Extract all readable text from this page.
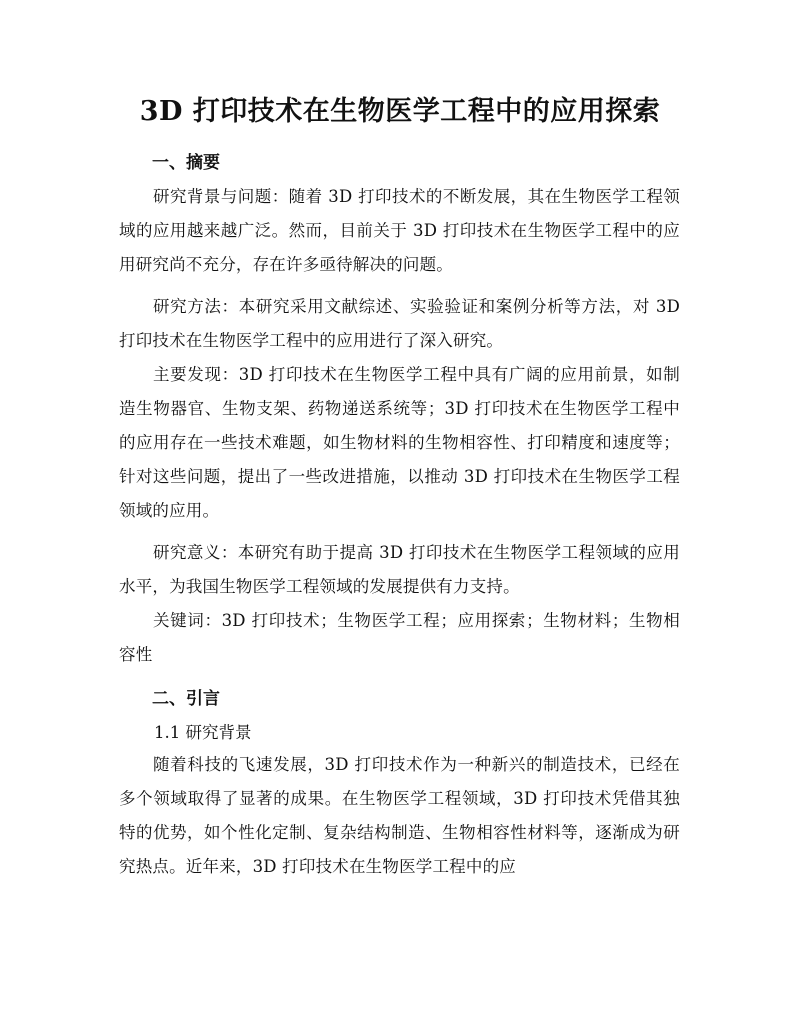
3D 打印技术在生物医学工程中的应用探索
一、摘要

研究背景与问题：随着 3D 打印技术的不断发展，其在生物医学工程领域的应用越来越广泛。然而，目前关于 3D 打印技术在生物医学工程中的应用研究尚不充分，存在许多亟待解决的问题。

研究方法：本研究采用文献综述、实验验证和案例分析等方法，对 3D 打印技术在生物医学工程中的应用进行了深入研究。

主要发现：3D 打印技术在生物医学工程中具有广阔的应用前景，如制造生物器官、生物支架、药物递送系统等；3D 打印技术在生物医学工程中的应用存在一些技术难题，如生物材料的生物相容性、打印精度和速度等；针对这些问题，提出了一些改进措施，以推动 3D 打印技术在生物医学工程领域的应用。

研究意义：本研究有助于提高 3D 打印技术在生物医学工程领域的应用水平，为我国生物医学工程领域的发展提供有力支持。

关键词：3D 打印技术；生物医学工程；应用探索；生物材料；生物相容性

二、引言
1.1 研究背景

随着科技的飞速发展，3D 打印技术作为一种新兴的制造技术，已经在多个领域取得了显著的成果。在生物医学工程领域，3D 打印技术凭借其独特的优势，如个性化定制、复杂结构制造、生物相容性材料等，逐渐成为研究热点。近年来，3D 打印技术在生物医学工程中的应
